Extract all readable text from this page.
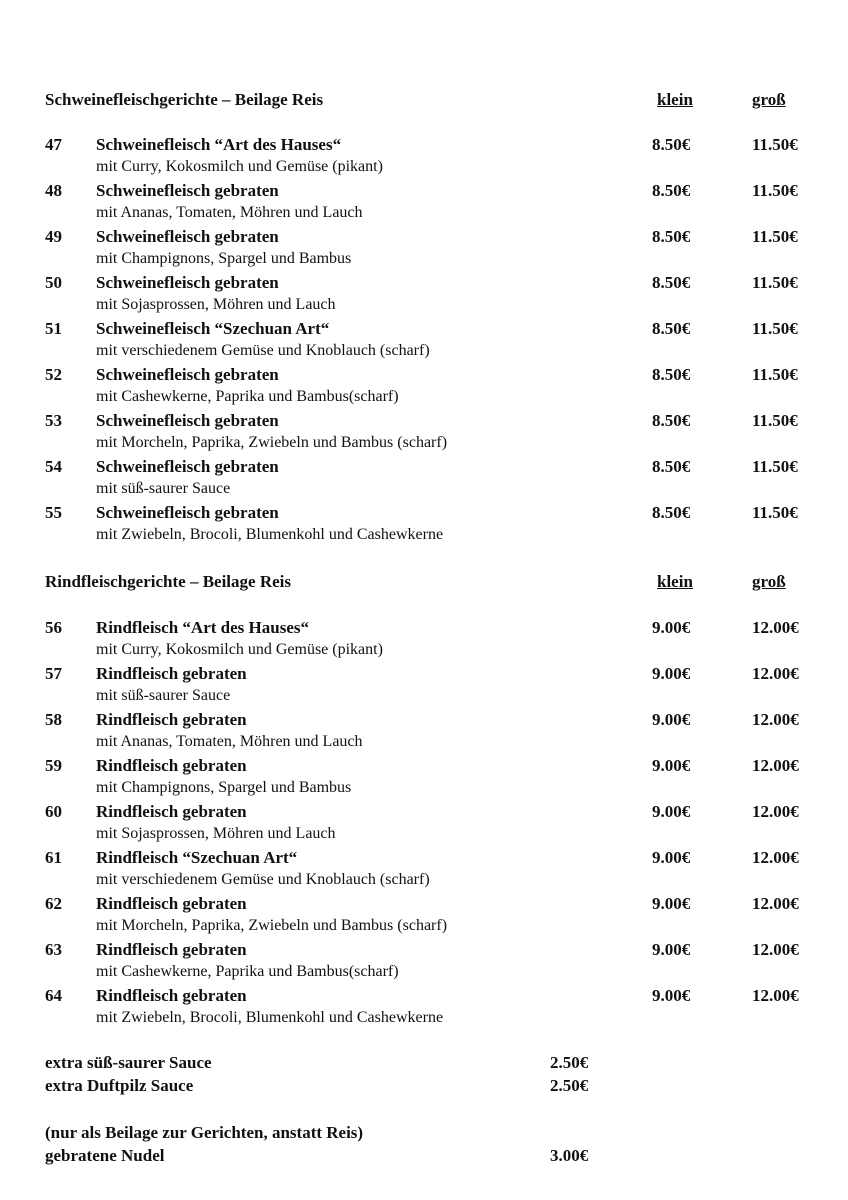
Schweinefleischgerichte – Beilage Reis	klein	groß
47 Schweinefleisch “Art des Hauses“
mit Curry, Kokosmilch und Gemüse (pikant)
8.50€	11.50€
48 Schweinefleisch gebraten
mit Ananas, Tomaten, Möhren und Lauch
8.50€	11.50€
49 Schweinefleisch gebraten
mit Champignons, Spargel und Bambus
8.50€	11.50€
50 Schweinefleisch gebraten
mit Sojasprossen, Möhren und Lauch
8.50€	11.50€
51 Schweinefleisch “Szechuan Art“
mit verschiedenem Gemüse und Knoblauch (scharf)
8.50€	11.50€
52 Schweinefleisch gebraten
mit Cashewkerne, Paprika und Bambus(scharf)
8.50€	11.50€
53 Schweinefleisch gebraten
mit Morcheln, Paprika, Zwiebeln und Bambus (scharf)
8.50€	11.50€
54 Schweinefleisch gebraten
mit süß-saurer Sauce
8.50€	11.50€
55 Schweinefleisch gebraten
mit Zwiebeln, Brocoli, Blumenkohl und Cashewkerne
8.50€	11.50€
Rindfleischgerichte – Beilage Reis	klein	groß
56 Rindfleisch “Art des Hauses“
mit Curry, Kokosmilch und Gemüse (pikant)
9.00€	12.00€
57 Rindfleisch gebraten
mit süß-saurer Sauce
9.00€	12.00€
58 Rindfleisch gebraten
mit Ananas, Tomaten, Möhren und Lauch
9.00€	12.00€
59 Rindfleisch gebraten
mit Champignons, Spargel und Bambus
9.00€	12.00€
60 Rindfleisch gebraten
mit Sojasprossen, Möhren und Lauch
9.00€	12.00€
61 Rindfleisch “Szechuan Art“
mit verschiedenem Gemüse und Knoblauch (scharf)
9.00€	12.00€
62 Rindfleisch gebraten
mit Morcheln, Paprika, Zwiebeln und Bambus (scharf)
9.00€	12.00€
63 Rindfleisch gebraten
mit Cashewkerne, Paprika und Bambus(scharf)
9.00€	12.00€
64 Rindfleisch gebraten
mit Zwiebeln, Brocoli, Blumenkohl und Cashewkerne
9.00€	12.00€
extra süß-saurer Sauce	2.50€
extra Duftpilz Sauce	2.50€
(nur als Beilage zur Gerichten, anstatt Reis)
gebratene Nudel	3.00€
